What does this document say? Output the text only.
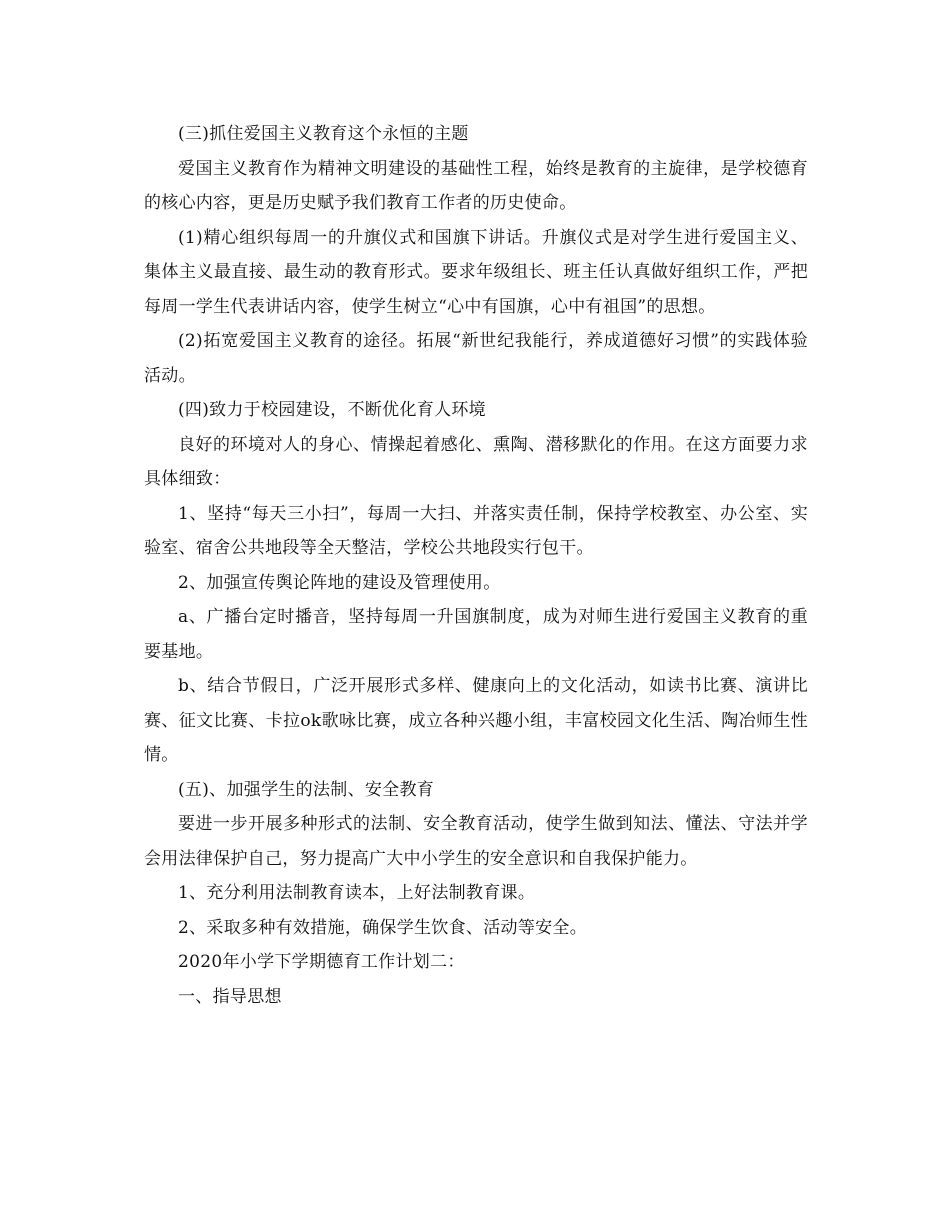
(三)抓住爱国主义教育这个永恒的主题

爱国主义教育作为精神文明建设的基础性工程，始终是教育的主旋律，是学校德育的核心内容，更是历史赋予我们教育工作者的历史使命。

(1)精心组织每周一的升旗仪式和国旗下讲话。升旗仪式是对学生进行爱国主义、集体主义最直接、最生动的教育形式。要求年级组长、班主任认真做好组织工作，严把每周一学生代表讲话内容，使学生树立“心中有国旗，心中有祖国”的思想。

(2)拓宽爱国主义教育的途径。拓展“新世纪我能行，养成道德好习惯”的实践体验活动。

(四)致力于校园建设，不断优化育人环境

良好的环境对人的身心、情操起着感化、熏陶、潜移默化的作用。在这方面要力求具体细致：

1、坚持“每天三小扫”，每周一大扫、并落实责任制，保持学校教室、办公室、实验室、宿舍公共地段等全天整洁，学校公共地段实行包干。

2、加强宣传舆论阵地的建设及管理使用。

a、广播台定时播音，坚持每周一升国旗制度，成为对师生进行爱国主义教育的重要基地。

b、结合节假日，广泛开展形式多样、健康向上的文化活动，如读书比赛、演讲比赛、征文比赛、卡拉ok歌咏比赛，成立各种兴趣小组，丰富校园文化生活、陶冶师生性情。

(五)、加强学生的法制、安全教育

要进一步开展多种形式的法制、安全教育活动，使学生做到知法、懂法、守法并学会用法律保护自己，努力提高广大中小学生的安全意识和自我保护能力。

1、充分利用法制教育读本，上好法制教育课。

2、采取多种有效措施，确保学生饮食、活动等安全。

2020年小学下学期德育工作计划二：

一、指导思想
